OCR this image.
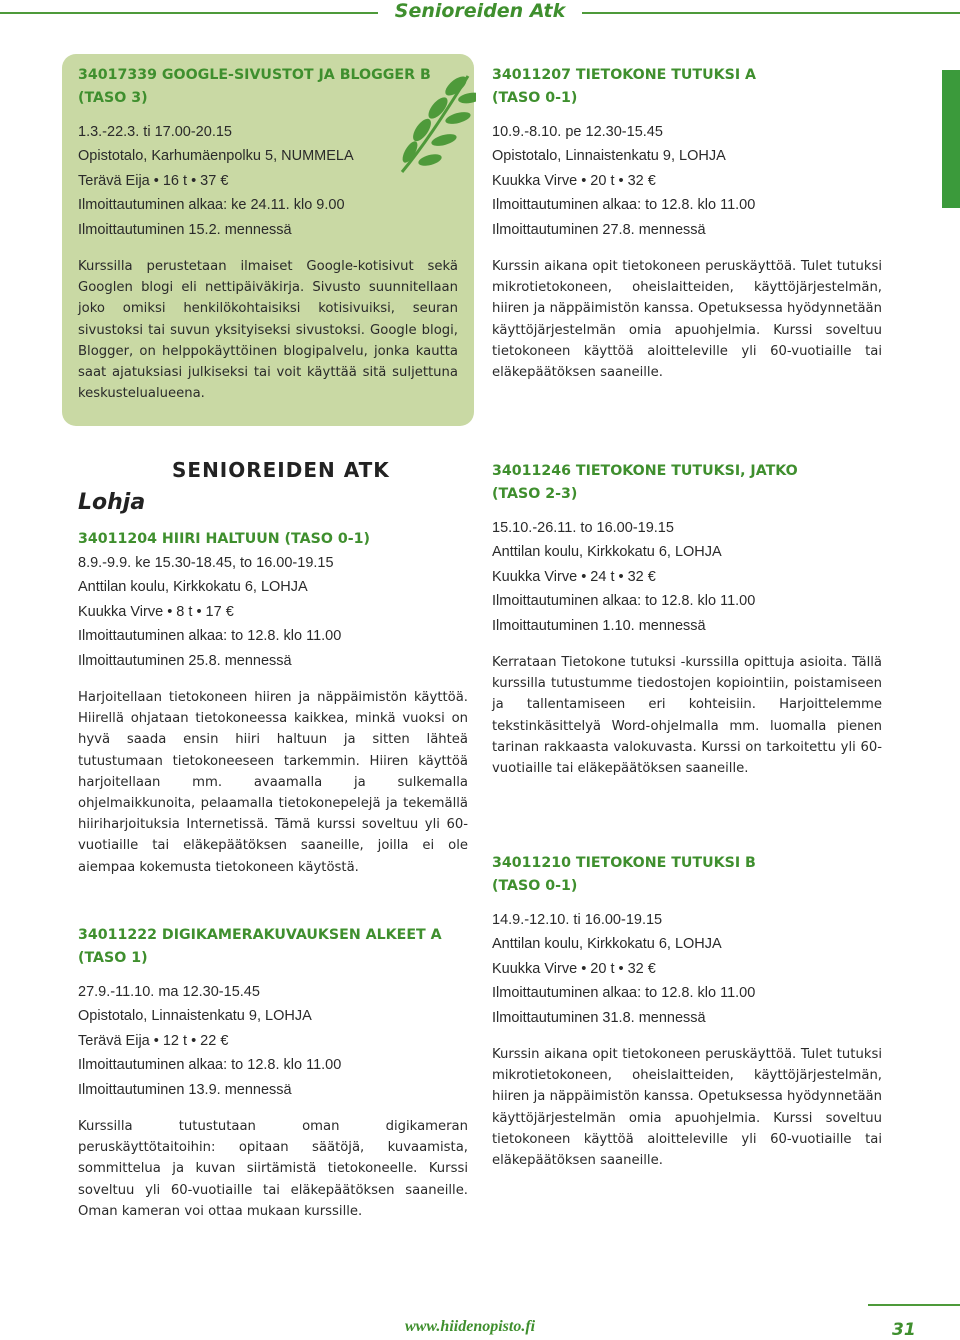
Senioreiden Atk
34017339 GOOGLE-SIVUSTOT JA BLOGGER B
(TASO 3)
1.3.-22.3. ti 17.00-20.15
Opistotalo, Karhumäenpolku 5, NUMMELA
Terävä Eija • 16 t • 37 €
Ilmoittautuminen alkaa: ke 24.11. klo 9.00
Ilmoittautuminen 15.2. mennessä
Kurssilla perustetaan ilmaiset Google-kotisivut sekä Googlen blogi eli nettipäiväkirja. Sivusto suunnitellaan joko omiksi henkilökohtaisiksi kotisivuiksi, seuran sivustoksi tai suvun yksityiseksi sivustoksi. Google blogi, Blogger, on helppokäyttöinen blogipalvelu, jonka kautta saat ajatuksiasi julkiseksi tai voit käyttää sitä suljettuna keskustelualueena.
34011207 TIETOKONE TUTUKSI A
(TASO 0-1)
10.9.-8.10. pe 12.30-15.45
Opistotalo, Linnaistenkatu 9, LOHJA
Kuukka Virve • 20 t • 32 €
Ilmoittautuminen alkaa: to 12.8. klo 11.00
Ilmoittautuminen 27.8. mennessä
Kurssin aikana opit tietokoneen peruskäyttöä. Tulet tutuksi mikrotietokoneen, oheislaitteiden, käyttöjärjestelmän, hiiren ja näppäimistön kanssa. Opetuksessa hyödynnetään käyttöjärjestelmän omia apuohjelmia. Kurssi soveltuu tietokoneen käyttöä aloitteleville yli 60-vuotiaille tai eläkepäätöksen saaneille.
SENIOREIDEN ATK
Lohja
34011204 HIIRI HALTUUN (TASO 0-1)
8.9.-9.9. ke 15.30-18.45, to 16.00-19.15
Anttilan koulu, Kirkkokatu 6, LOHJA
Kuukka Virve • 8 t • 17 €
Ilmoittautuminen alkaa: to 12.8. klo 11.00
Ilmoittautuminen 25.8. mennessä
Harjoitellaan tietokoneen hiiren ja näppäimistön käyttöä. Hiirellä ohjataan tietokoneessa kaikkea, minkä vuoksi on hyvä saada ensin hiiri haltuun ja sitten lähteä tutustumaan tietokoneeseen tarkemmin. Hiiren käyttöä harjoitellaan mm. avaamalla ja sulkemalla ohjelmaikkunoita, pelaamalla tietokonepelejä ja tekemällä hiiriharjoituksia Internetissä. Tämä kurssi soveltuu yli 60-vuotiaille tai eläkepäätöksen saaneille, joilla ei ole aiempaa kokemusta tietokoneen käytöstä.
34011222 DIGIKAMERAKUVAUKSEN ALKEET A
(TASO 1)
27.9.-11.10. ma 12.30-15.45
Opistotalo, Linnaistenkatu 9, LOHJA
Terävä Eija • 12 t • 22 €
Ilmoittautuminen alkaa: to 12.8. klo 11.00
Ilmoittautuminen 13.9. mennessä
Kurssilla tutustutaan oman digikameran peruskäyttötaitoihin: opitaan säätöjä, kuvaamista, sommittelua ja kuvan siirtämistä tietokoneelle. Kurssi soveltuu yli 60-vuotiaille tai eläkepäätöksen saaneille. Oman kameran voi ottaa mukaan kurssille.
34011246 TIETOKONE TUTUKSI, JATKO
(TASO 2-3)
15.10.-26.11. to 16.00-19.15
Anttilan koulu, Kirkkokatu 6, LOHJA
Kuukka Virve • 24 t • 32 €
Ilmoittautuminen alkaa: to 12.8. klo 11.00
Ilmoittautuminen 1.10. mennessä
Kerrataan Tietokone tutuksi -kurssilla opittuja asioita. Tällä kurssilla tutustumme tiedostojen kopiointiin, poistamiseen ja tallentamiseen eri kohteisiin. Harjoittelemme tekstinkäsittelyä Word-ohjelmalla mm. luomalla pienen tarinan rakkaasta valokuvasta. Kurssi on tarkoitettu yli 60-vuotiaille tai eläkepäätöksen saaneille.
34011210 TIETOKONE TUTUKSI B
(TASO 0-1)
14.9.-12.10. ti 16.00-19.15
Anttilan koulu, Kirkkokatu 6, LOHJA
Kuukka Virve • 20 t • 32 €
Ilmoittautuminen alkaa: to 12.8. klo 11.00
Ilmoittautuminen 31.8. mennessä
Kurssin aikana opit tietokoneen peruskäyttöä. Tulet tutuksi mikrotietokoneen, oheislaitteiden, käyttöjärjestelmän, hiiren ja näppäimistön kanssa. Opetuksessa hyödynnetään käyttöjärjestelmän omia apuohjelmia. Kurssi soveltuu tietokoneen käyttöä aloitteleville yli 60-vuotiaille tai eläkepäätöksen saaneille.
www.hiidenopisto.fi	31
